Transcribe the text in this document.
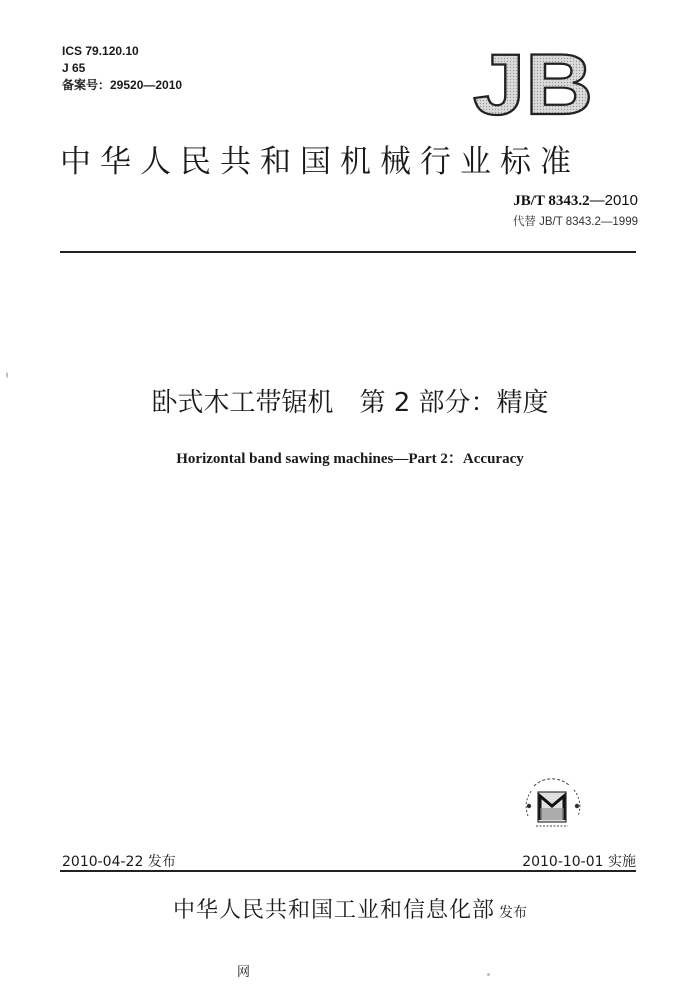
ICS 79.120.10
J 65
备案号：29520—2010	JB
中华人民共和国机械行业标准
JB/T 8343.2—2010
代替 JB/T 8343.2—1999
卧式木工带锯机 第 2 部分：精度
Horizontal band sawing machines—Part 2：Accuracy
2010-04-22 发布	2010-10-01 实施
中华人民共和国工业和信息化部 发布
网
